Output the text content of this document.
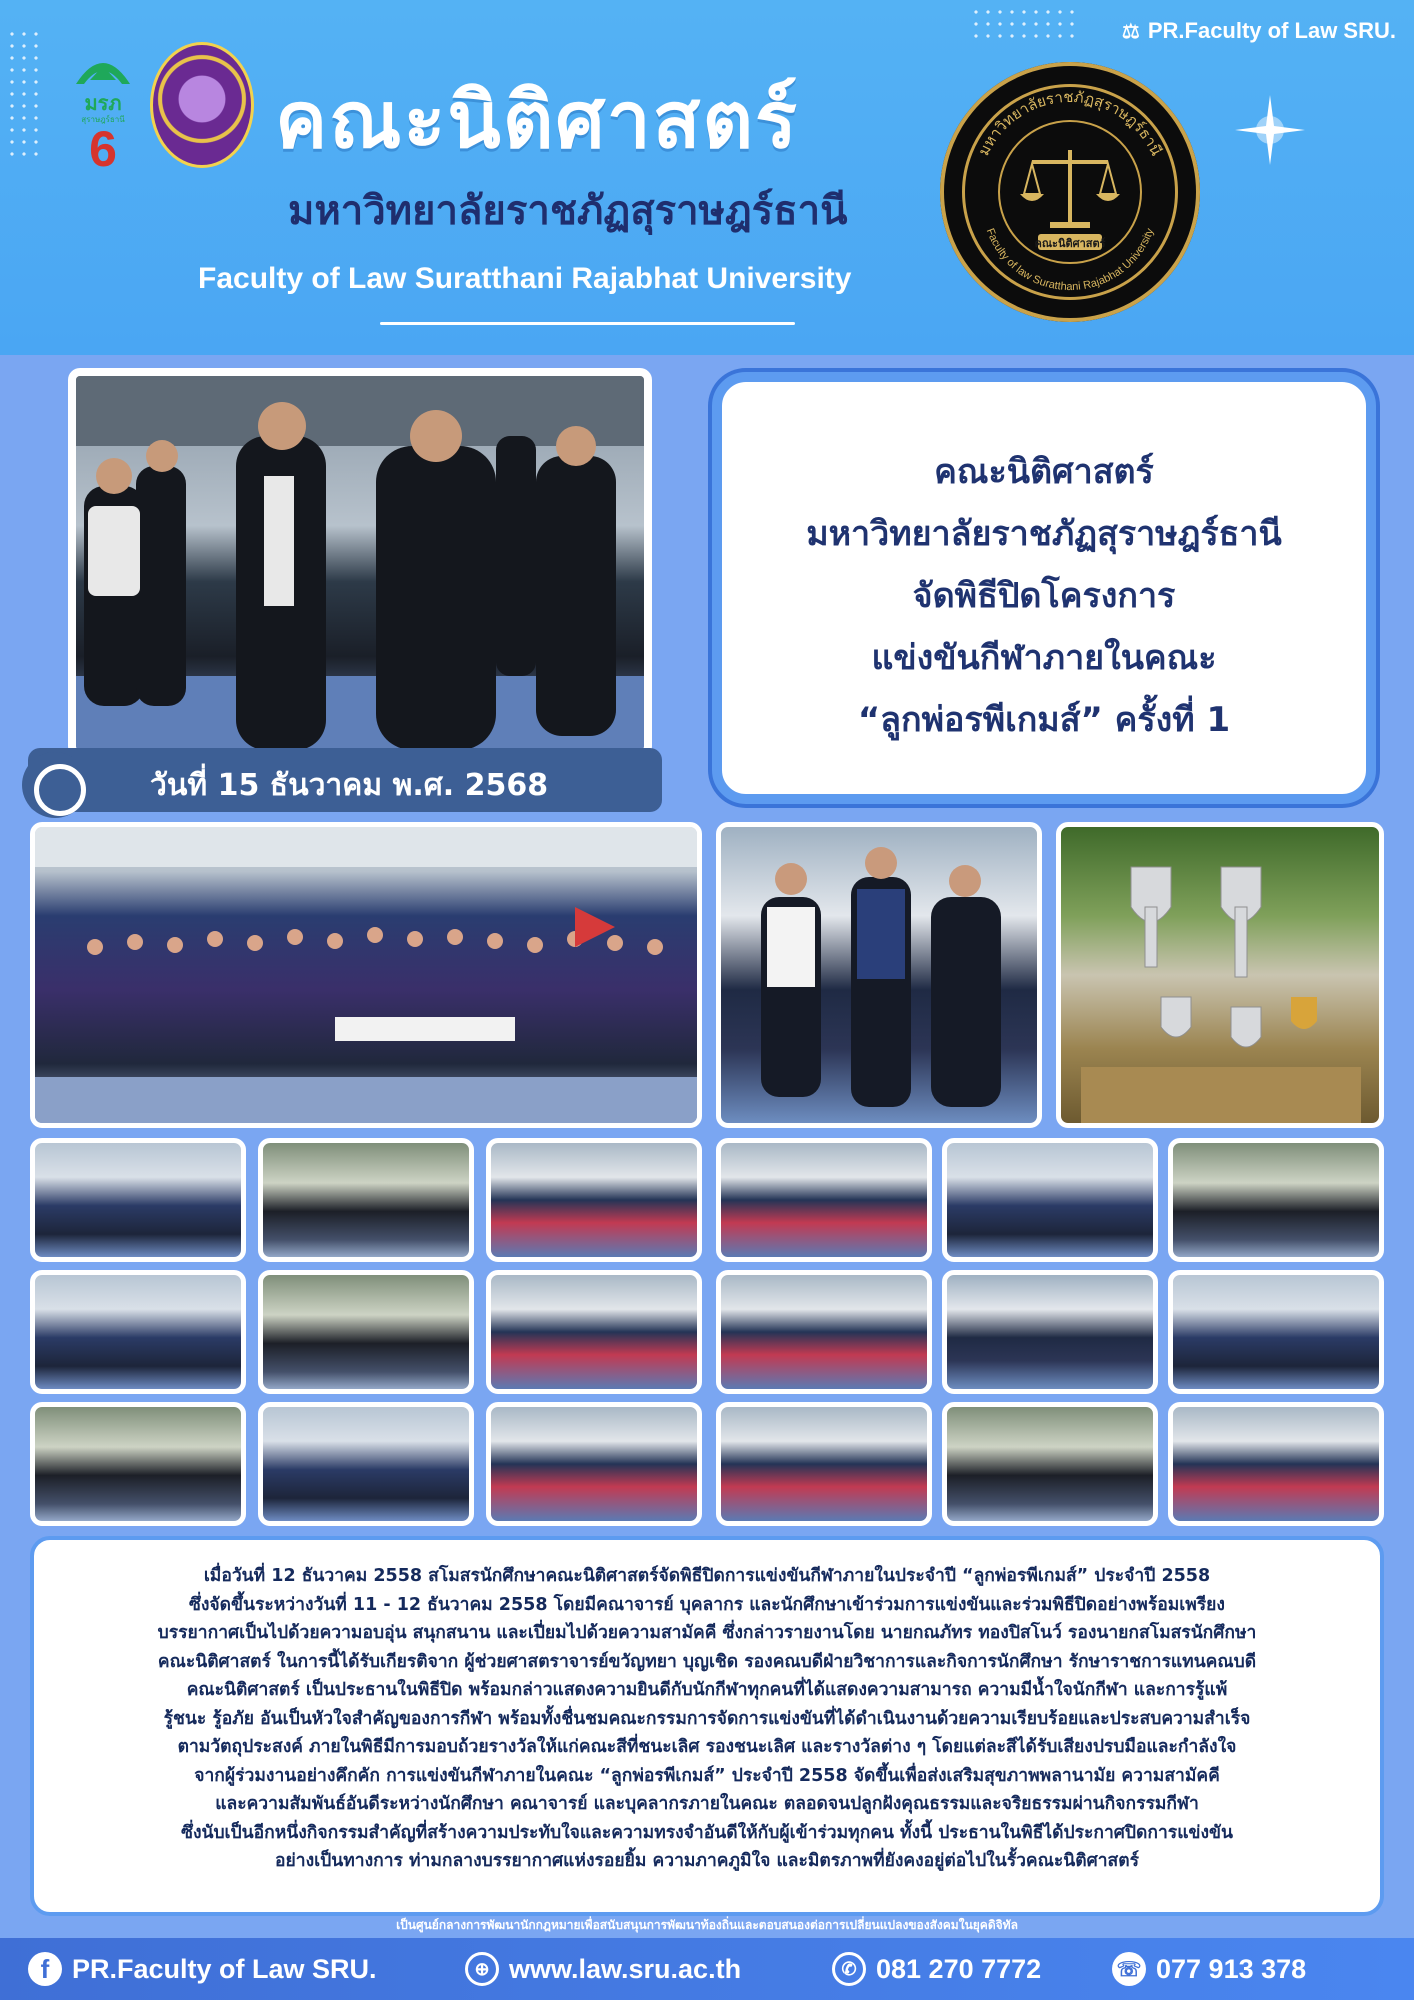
⚖ PR.Faculty of Law SRU.
มรภ
สุราษฎร์ธานี
6 คณะนิติศาสตร์
มหาวิทยาลัยราชภัฏสุราษฎร์ธานี
Faculty of Law Suratthani Rajabhat University
มหาวิทยาลัยราชภัฏสุราษฎร์ธานี
Faculty of law Suratthani Rajabhat University
คณะนิติศาสตร์
วันที่ 15 ธันวาคม พ.ศ. 2568
คณะนิติศาสตร์
มหาวิทยาลัยราชภัฏสุราษฎร์ธานี
จัดพิธีปิดโครงการ
แข่งขันกีฬาภายในคณะ
“ลูกพ่อรพีเกมส์” ครั้งที่ 1
เมื่อวันที่ 12 ธันวาคม 2558 สโมสรนักศึกษาคณะนิติศาสตร์จัดพิธีปิดการแข่งขันกีฬาภายในประจำปี “ลูกพ่อรพีเกมส์” ประจำปี 2558
ซึ่งจัดขึ้นระหว่างวันที่ 11 - 12 ธันวาคม 2558 โดยมีคณาจารย์ บุคลากร และนักศึกษาเข้าร่วมการแข่งขันและร่วมพิธีปิดอย่างพร้อมเพรียง
บรรยากาศเป็นไปด้วยความอบอุ่น สนุกสนาน และเปี่ยมไปด้วยความสามัคคี ซึ่งกล่าวรายงานโดย นายกณภัทร ทองปิสโนว์ รองนายกสโมสรนักศึกษา
คณะนิติศาสตร์ ในการนี้ได้รับเกียรติจาก ผู้ช่วยศาสตราจารย์ขวัญทยา บุญเชิด รองคณบดีฝ่ายวิชาการและกิจการนักศึกษา รักษาราชการแทนคณบดี
คณะนิติศาสตร์ เป็นประธานในพิธีปิด พร้อมกล่าวแสดงความยินดีกับนักกีฬาทุกคนที่ได้แสดงความสามารถ ความมีน้ำใจนักกีฬา และการรู้แพ้
รู้ชนะ รู้อภัย อันเป็นหัวใจสำคัญของการกีฬา พร้อมทั้งชื่นชมคณะกรรมการจัดการแข่งขันที่ได้ดำเนินงานด้วยความเรียบร้อยและประสบความสำเร็จ
ตามวัตถุประสงค์ ภายในพิธีมีการมอบถ้วยรางวัลให้แก่คณะสีที่ชนะเลิศ รองชนะเลิศ และรางวัลต่าง ๆ โดยแต่ละสีได้รับเสียงปรบมือและกำลังใจ
จากผู้ร่วมงานอย่างคึกคัก การแข่งขันกีฬาภายในคณะ “ลูกพ่อรพีเกมส์” ประจำปี 2558 จัดขึ้นเพื่อส่งเสริมสุขภาพพลานามัย ความสามัคคี
และความสัมพันธ์อันดีระหว่างนักศึกษา คณาจารย์ และบุคลากรภายในคณะ ตลอดจนปลูกฝังคุณธรรมและจริยธรรมผ่านกิจกรรมกีฬา
ซึ่งนับเป็นอีกหนึ่งกิจกรรมสำคัญที่สร้างความประทับใจและความทรงจำอันดีให้กับผู้เข้าร่วมทุกคน ทั้งนี้ ประธานในพิธีได้ประกาศปิดการแข่งขัน
อย่างเป็นทางการ ท่ามกลางบรรยากาศแห่งรอยยิ้ม ความภาคภูมิใจ และมิตรภาพที่ยังคงอยู่ต่อไปในรั้วคณะนิติศาสตร์
เป็นศูนย์กลางการพัฒนานักกฎหมายเพื่อสนับสนุนการพัฒนาท้องถิ่นและตอบสนองต่อการเปลี่ยนแปลงของสังคมในยุคดิจิทัล
f PR.Faculty of Law SRU.	⊕ www.law.sru.ac.th	✆ 081 270 7772	☏ 077 913 378
